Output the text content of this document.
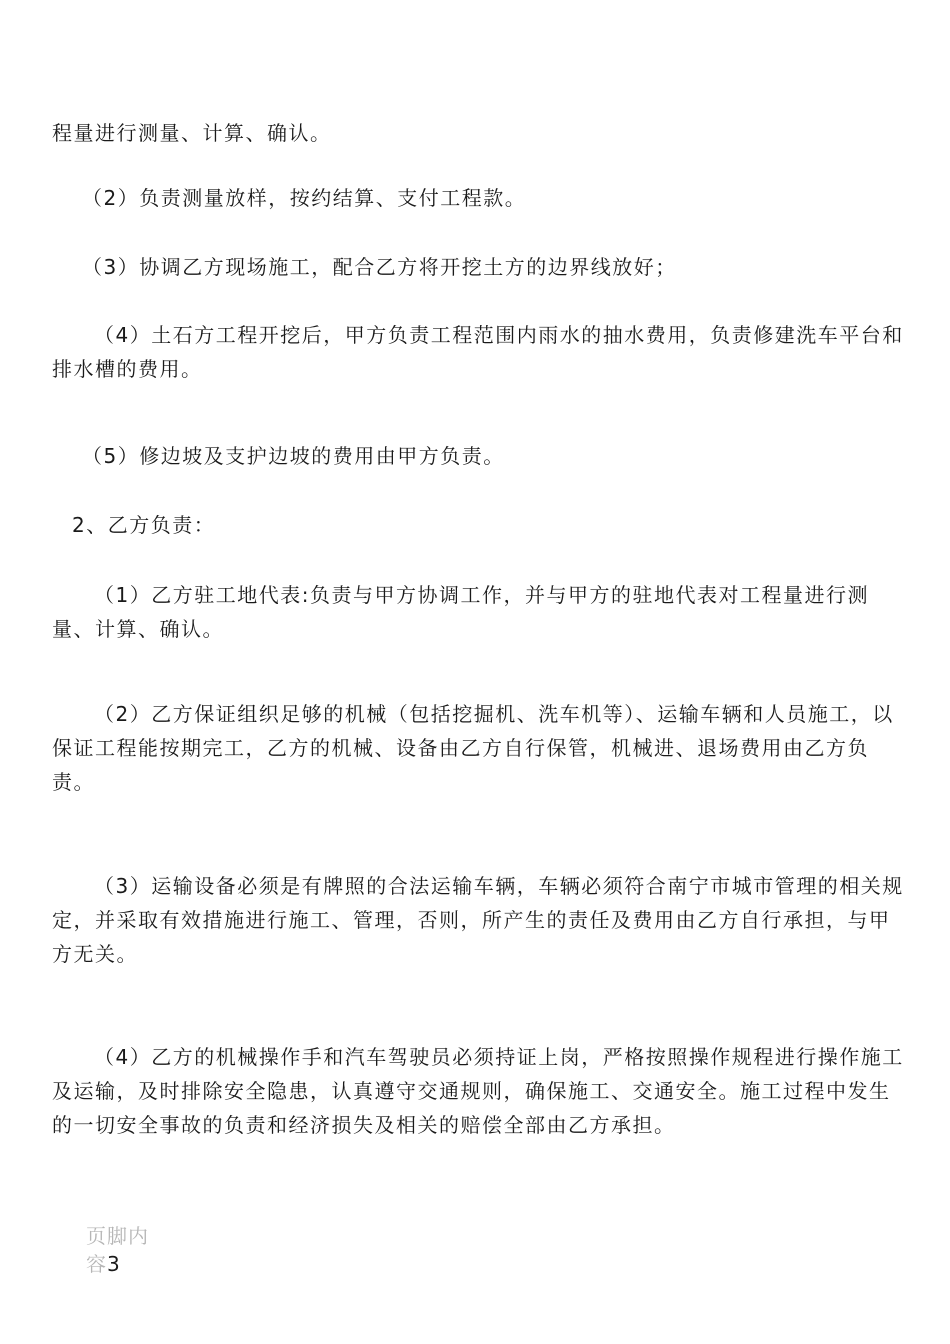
程量进行测量、计算、确认。

（2）负责测量放样，按约结算、支付工程款。

（3）协调乙方现场施工，配合乙方将开挖土方的边界线放好；

（4）土石方工程开挖后，甲方负责工程范围内雨水的抽水费用，负责修建洗车平台和排水槽的费用。

（5）修边坡及支护边坡的费用由甲方负责。

2、乙方负责：

（1）乙方驻工地代表:负责与甲方协调工作，并与甲方的驻地代表对工程量进行测量、计算、确认。

（2）乙方保证组织足够的机械（包括挖掘机、洗车机等）、运输车辆和人员施工，以保证工程能按期完工，乙方的机械、设备由乙方自行保管，机械进、退场费用由乙方负责。

（3）运输设备必须是有牌照的合法运输车辆，车辆必须符合南宁市城市管理的相关规定，并采取有效措施进行施工、管理，否则，所产生的责任及费用由乙方自行承担，与甲方无关。

（4）乙方的机械操作手和汽车驾驶员必须持证上岗，严格按照操作规程进行操作施工及运输，及时排除安全隐患，认真遵守交通规则，确保施工、交通安全。施工过程中发生的一切安全事故的负责和经济损失及相关的赔偿全部由乙方承担。

页脚内容3
